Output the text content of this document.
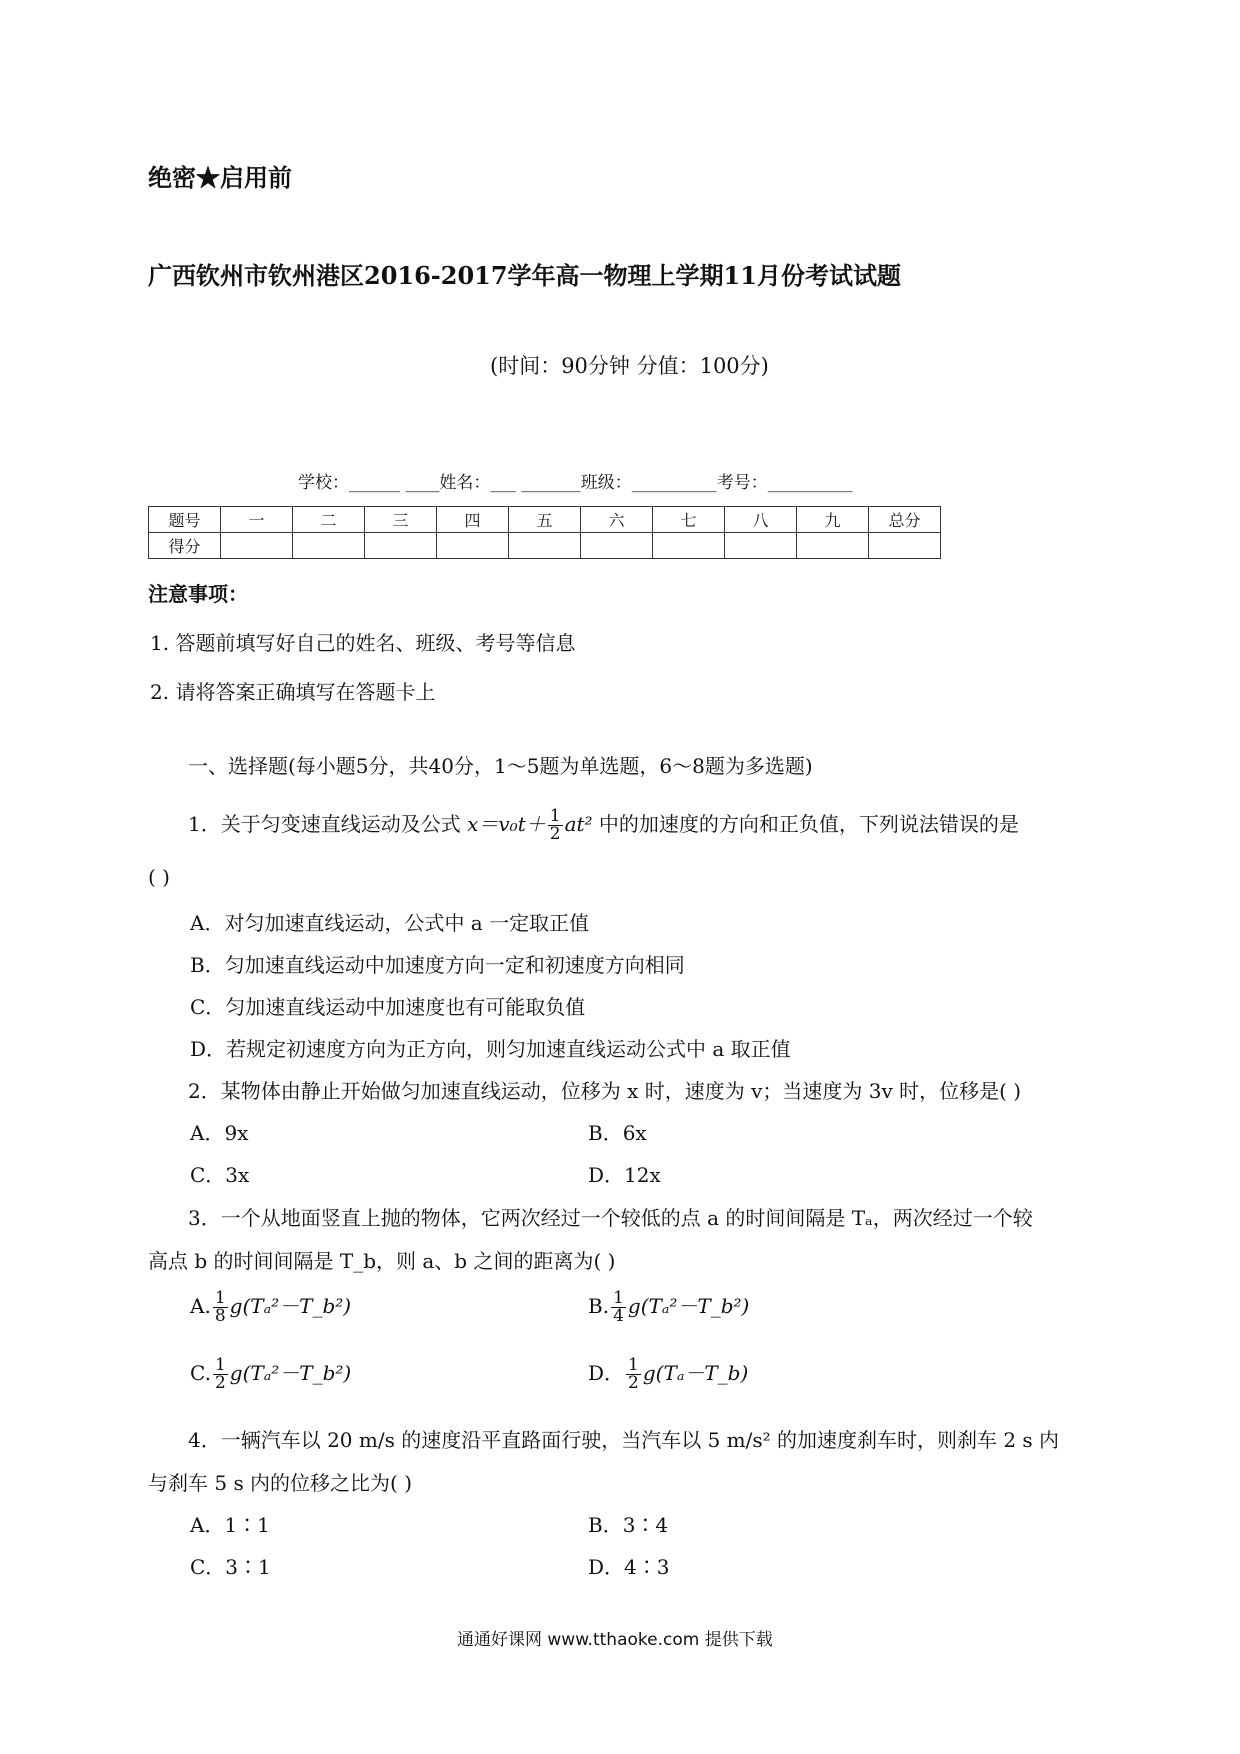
绝密★启用前
广西钦州市钦州港区2016-2017学年高一物理上学期11月份考试试题
(时间：90分钟 分值：100分)
学校：______ ____姓名：___ _______班级：__________考号：__________
题号	一	二	三	四	五	六	七	八	九	总分
得分										
注意事项：
1. 答题前填写好自己的姓名、班级、考号等信息
2. 请将答案正确填写在答题卡上
一、选择题(每小题5分，共40分，1～5题为单选题，6～8题为多选题)
1．关于匀变速直线运动及公式 $x=v_0t+ \frac{1}{2} at^2$ 中的加速度的方向和正负值，下列说法错误的是
( )
A．对匀加速直线运动，公式中 a 一定取正值
B．匀加速直线运动中加速度方向一定和初速度方向相同
C．匀加速直线运动中加速度也有可能取负值
D．若规定初速度方向为正方向，则匀加速直线运动公式中 a 取正值
2．某物体由静止开始做匀加速直线运动，位移为 x 时，速度为 v；当速度为 3v 时，位移是( )
A．9x	B．6x
C．3x	D．12x
3．一个从地面竖直上抛的物体，它两次经过一个较低的点 a 的时间间隔是 Tₐ，两次经过一个较
高点 b 的时间间隔是 T_b，则 a、b 之间的距离为( )
A. $\frac{1}{8}$ g(Tₐ²－T_b²)	B. $\frac{1}{4}$ g(Tₐ²－T_b²)
C. $\frac{1}{2}$ g(Tₐ²－T_b²)	D． $\frac{1}{2}$ g(Tₐ－T_b)
4．一辆汽车以 20 m/s 的速度沿平直路面行驶，当汽车以 5 m/s² 的加速度刹车时，则刹车 2 s 内
与刹车 5 s 内的位移之比为( )
A．1∶1	B．3∶4
C．3∶1	D．4∶3
通通好课网 www.tthaoke.com 提供下载
